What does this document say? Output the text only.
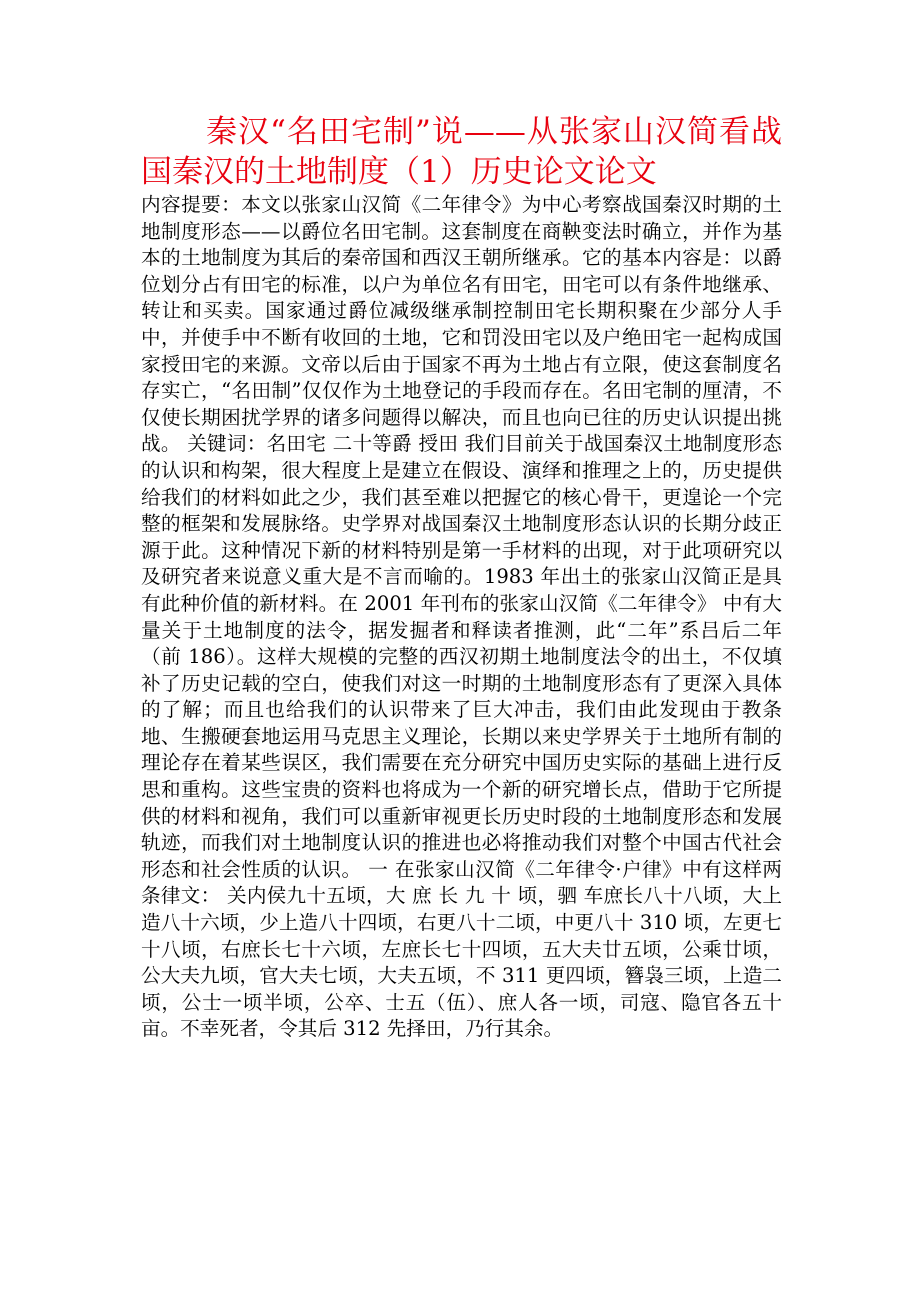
秦汉“名田宅制”说——从张家山汉简看战国秦汉的土地制度（1）历史论文论文

内容提要：本文以张家山汉简《二年律令》为中心考察战国秦汉时期的土地制度形态——以爵位名田宅制。这套制度在商鞅变法时确立，并作为基本的土地制度为其后的秦帝国和西汉王朝所继承。它的基本内容是：以爵位划分占有田宅的标准，以户为单位名有田宅，田宅可以有条件地继承、转让和买卖。国家通过爵位减级继承制控制田宅长期积聚在少部分人手中，并使手中不断有收回的土地，它和罚没田宅以及户绝田宅一起构成国家授田宅的来源。文帝以后由于国家不再为土地占有立限，使这套制度名存实亡，“名田制”仅仅作为土地登记的手段而存在。名田宅制的厘清，不仅使长期困扰学界的诸多问题得以解决，而且也向已往的历史认识提出挑战。 关键词：名田宅 二十等爵 授田 我们目前关于战国秦汉土地制度形态的认识和构架，很大程度上是建立在假设、演绎和推理之上的，历史提供给我们的材料如此之少，我们甚至难以把握它的核心骨干，更遑论一个完整的框架和发展脉络。史学界对战国秦汉土地制度形态认识的长期分歧正源于此。这种情况下新的材料特别是第一手材料的出现，对于此项研究以及研究者来说意义重大是不言而喻的。1983 年出土的张家山汉简正是具有此种价值的新材料。在 2001 年刊布的张家山汉简《二年律令》 中有大量关于土地制度的法令，据发掘者和释读者推测，此“二年”系吕后二年（前 186）。这样大规模的完整的西汉初期土地制度法令的出土，不仅填补了历史记载的空白，使我们对这一时期的土地制度形态有了更深入具体的了解；而且也给我们的认识带来了巨大冲击，我们由此发现由于教条地、生搬硬套地运用马克思主义理论，长期以来史学界关于土地所有制的理论存在着某些误区，我们需要在充分研究中国历史实际的基础上进行反思和重构。这些宝贵的资料也将成为一个新的研究增长点，借助于它所提供的材料和视角，我们可以重新审视更长历史时段的土地制度形态和发展轨迹，而我们对土地制度认识的推进也必将推动我们对整个中国古代社会形态和社会性质的认识。 一 在张家山汉简《二年律令·户律》中有这样两条律文： 关内侯九十五顷，大 庶 长 九 十 顷，驷 车庶长八十八顷，大上造八十六顷，少上造八十四顷，右更八十二顷，中更八十 310 顷，左更七十八顷，右庶长七十六顷，左庶长七十四顷，五大夫廿五顷，公乘廿顷，公大夫九顷，官大夫七顷，大夫五顷，不 311 更四顷，簪袅三顷，上造二顷，公士一顷半顷，公卒、士五（伍）、庶人各一顷，司寇、隐官各五十亩。不幸死者，令其后 312 先择田，乃行其余。
